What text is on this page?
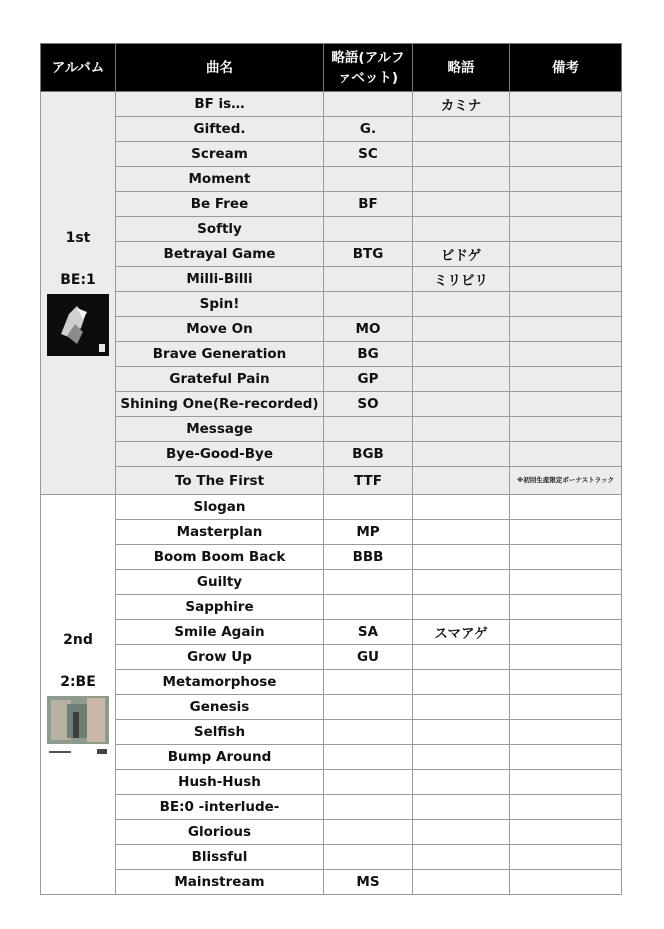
アルバム	曲名	略語(アルファベット)	略語	備考

1st
BE:1	BF is…		カミナ	
	Gifted.	G.		
	Scream	SC		
	Moment			
	Be Free	BF		
	Softly			
	Betrayal Game	BTG	ビドゲ	
	Milli-Billi		ミリビリ	
	Spin!			
	Move On	MO		
	Brave Generation	BG		
	Grateful Pain	GP		
	Shining One(Re-recorded)	SO		
	Message			
	Bye-Good-Bye	BGB		
	To The First	TTF		※初回生産限定ボーナストラック

2nd
2:BE	Slogan			
	Masterplan	MP		
	Boom Boom Back	BBB		
	Guilty			
	Sapphire			
	Smile Again	SA	スマアゲ	
	Grow Up	GU		
	Metamorphose			
	Genesis			
	Selfish			
	Bump Around			
	Hush-Hush			
	BE:0 -interlude-			
	Glorious			
	Blissful			
	Mainstream	MS		
